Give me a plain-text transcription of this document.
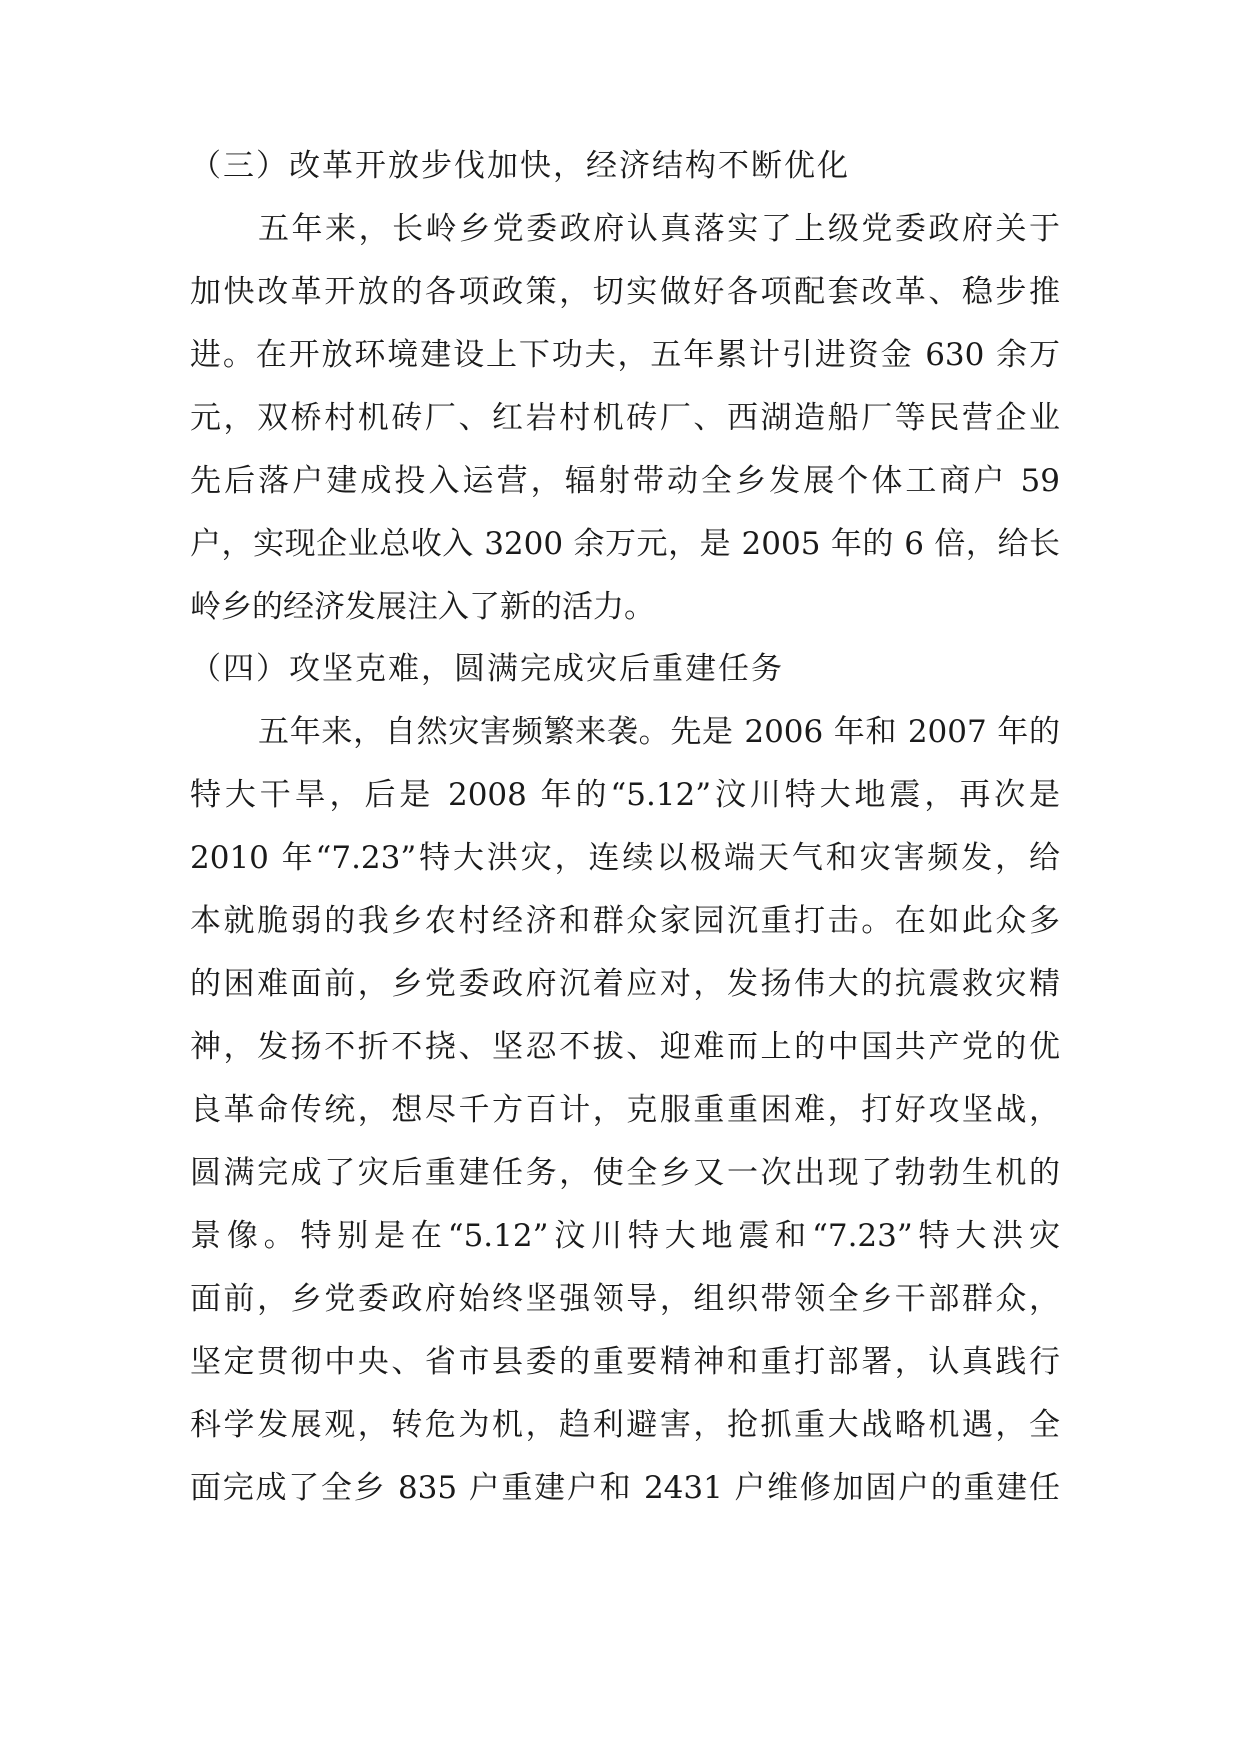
（三）改革开放步伐加快，经济结构不断优化
五年来，长岭乡党委政府认真落实了上级党委政府关于
加快改革开放的各项政策，切实做好各项配套改革、稳步推
进。在开放环境建设上下功夫，五年累计引进资金 630 余万
元，双桥村机砖厂、红岩村机砖厂、西湖造船厂等民营企业
先后落户建成投入运营，辐射带动全乡发展个体工商户 59
户，实现企业总收入 3200 余万元，是 2005 年的 6 倍，给长
岭乡的经济发展注入了新的活力。
（四）攻坚克难，圆满完成灾后重建任务
五年来，自然灾害频繁来袭。先是 2006 年和 2007 年的
特大干旱，后是 2008 年的“5.12”汶川特大地震，再次是
2010 年“7.23”特大洪灾，连续以极端天气和灾害频发，给
本就脆弱的我乡农村经济和群众家园沉重打击。在如此众多
的困难面前，乡党委政府沉着应对，发扬伟大的抗震救灾精
神，发扬不折不挠、坚忍不拔、迎难而上的中国共产党的优
良革命传统，想尽千方百计，克服重重困难，打好攻坚战，
圆满完成了灾后重建任务，使全乡又一次出现了勃勃生机的
景像。特别是在“5.12”汶川特大地震和“7.23”特大洪灾
面前，乡党委政府始终坚强领导，组织带领全乡干部群众，
坚定贯彻中央、省市县委的重要精神和重打部署，认真践行
科学发展观，转危为机，趋利避害，抢抓重大战略机遇，全
面完成了全乡 835 户重建户和 2431 户维修加固户的重建任
